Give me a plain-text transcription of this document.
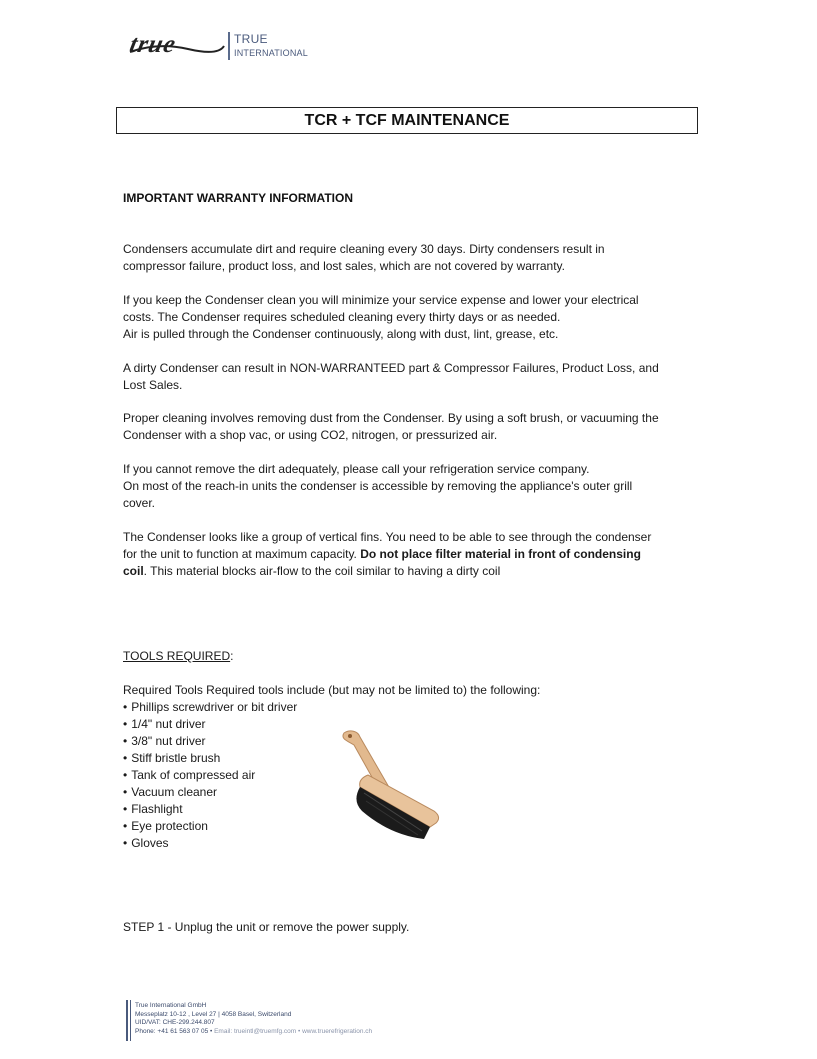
true	TRUE
INTERNATIONAL
TCR + TCF MAINTENANCE
IMPORTANT WARRANTY INFORMATION
Condensers accumulate dirt and require cleaning every 30 days. Dirty condensers result in
compressor failure, product loss, and lost sales, which are not covered by warranty.
If you keep the Condenser clean you will minimize your service expense and lower your electrical
costs. The Condenser requires scheduled cleaning every thirty days or as needed.
Air is pulled through the Condenser continuously, along with dust, lint, grease, etc.
A dirty Condenser can result in NON-WARRANTEED part & Compressor Failures, Product Loss, and
Lost Sales.
Proper cleaning involves removing dust from the Condenser. By using a soft brush, or vacuuming the
Condenser with a shop vac, or using CO2, nitrogen, or pressurized air.
If you cannot remove the dirt adequately, please call your refrigeration service company.
On most of the reach-in units the condenser is accessible by removing the appliance's outer grill
cover.
The Condenser looks like a group of vertical fins. You need to be able to see through the condenser
for the unit to function at maximum capacity. Do not place filter material in front of condensing
coil. This material blocks air-flow to the coil similar to having a dirty coil
TOOLS REQUIRED:
Required Tools Required tools include (but may not be limited to) the following:
• Phillips screwdriver or bit driver
• 1/4" nut driver
• 3/8" nut driver
• Stiff bristle brush
• Tank of compressed air
• Vacuum cleaner
• Flashlight
• Eye protection
• Gloves
STEP 1 - Unplug the unit or remove the power supply.
True International GmbH
Messeplatz 10-12 , Level 27 | 4058 Basel, Switzerland
UID/VAT: CHE-299.244.807
Phone: +41 61 563 07 05 • Email: trueintl@truemfg.com • www.truerefrigeration.ch
